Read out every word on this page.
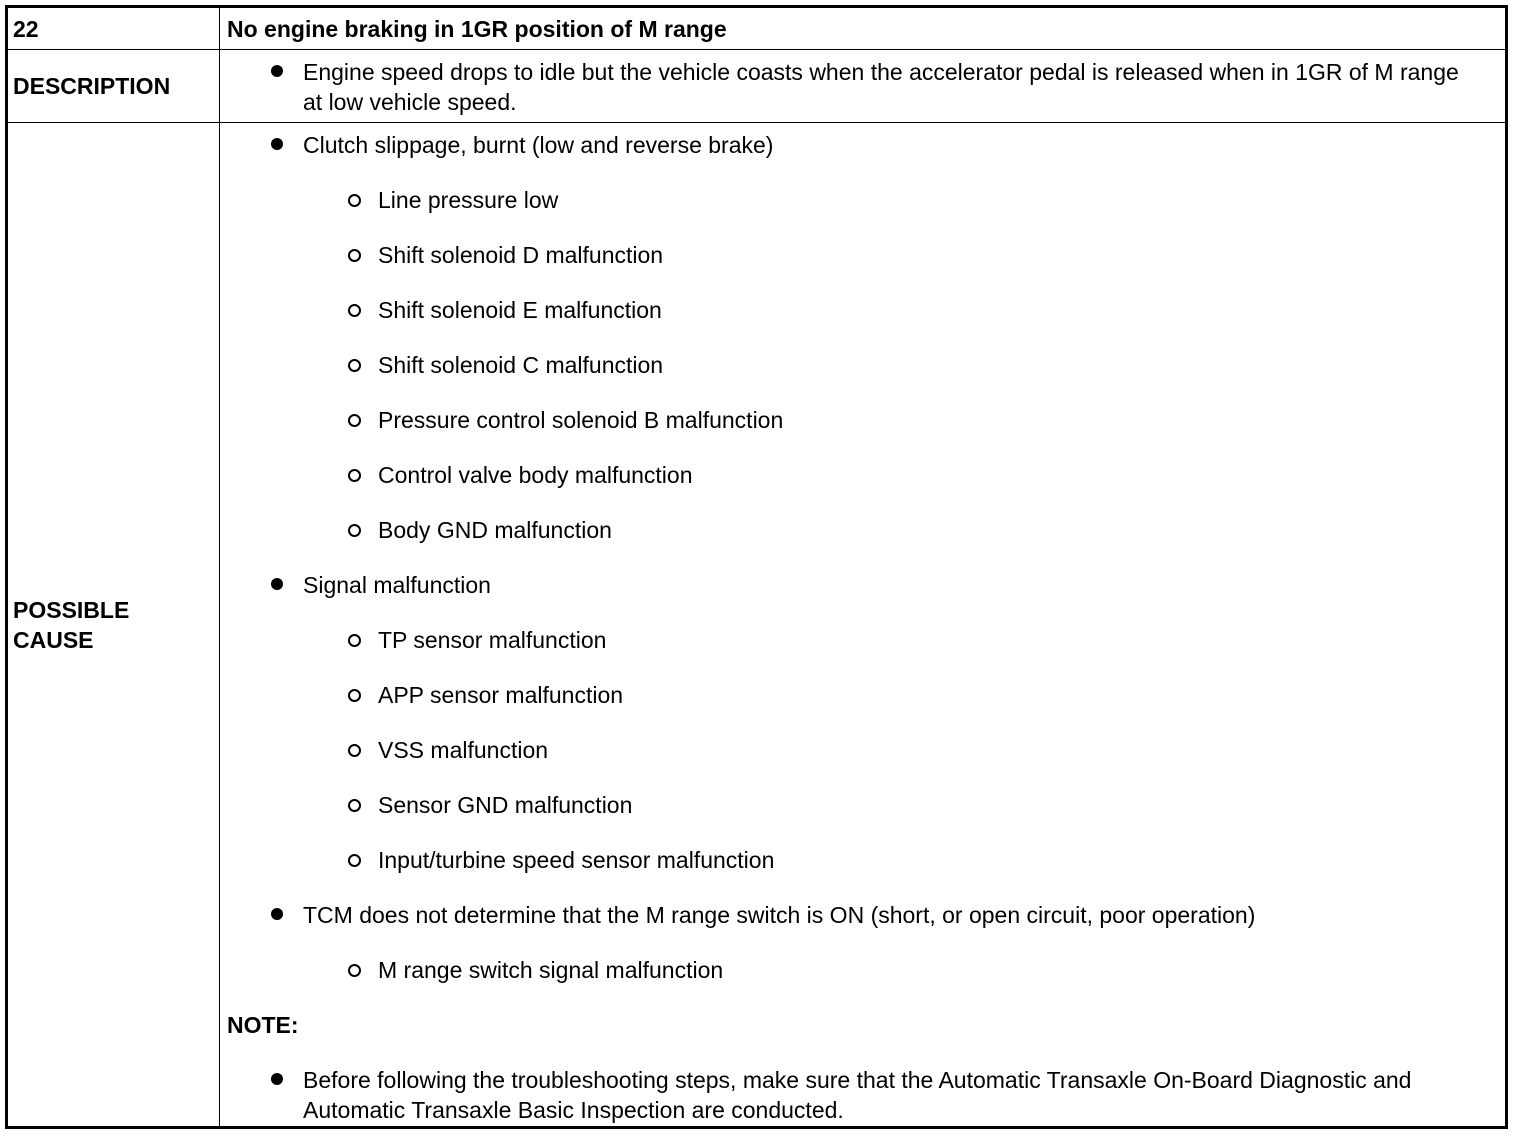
22	No engine braking in 1GR position of M range
DESCRIPTION
Engine speed drops to idle but the vehicle coasts when the accelerator pedal is released when in 1GR of M range at low vehicle speed.
POSSIBLE CAUSE
Clutch slippage, burnt (low and reverse brake)
Line pressure low
Shift solenoid D malfunction
Shift solenoid E malfunction
Shift solenoid C malfunction
Pressure control solenoid B malfunction
Control valve body malfunction
Body GND malfunction
Signal malfunction
TP sensor malfunction
APP sensor malfunction
VSS malfunction
Sensor GND malfunction
Input/turbine speed sensor malfunction
TCM does not determine that the M range switch is ON (short, or open circuit, poor operation)
M range switch signal malfunction
NOTE:
Before following the troubleshooting steps, make sure that the Automatic Transaxle On-Board Diagnostic and Automatic Transaxle Basic Inspection are conducted.
